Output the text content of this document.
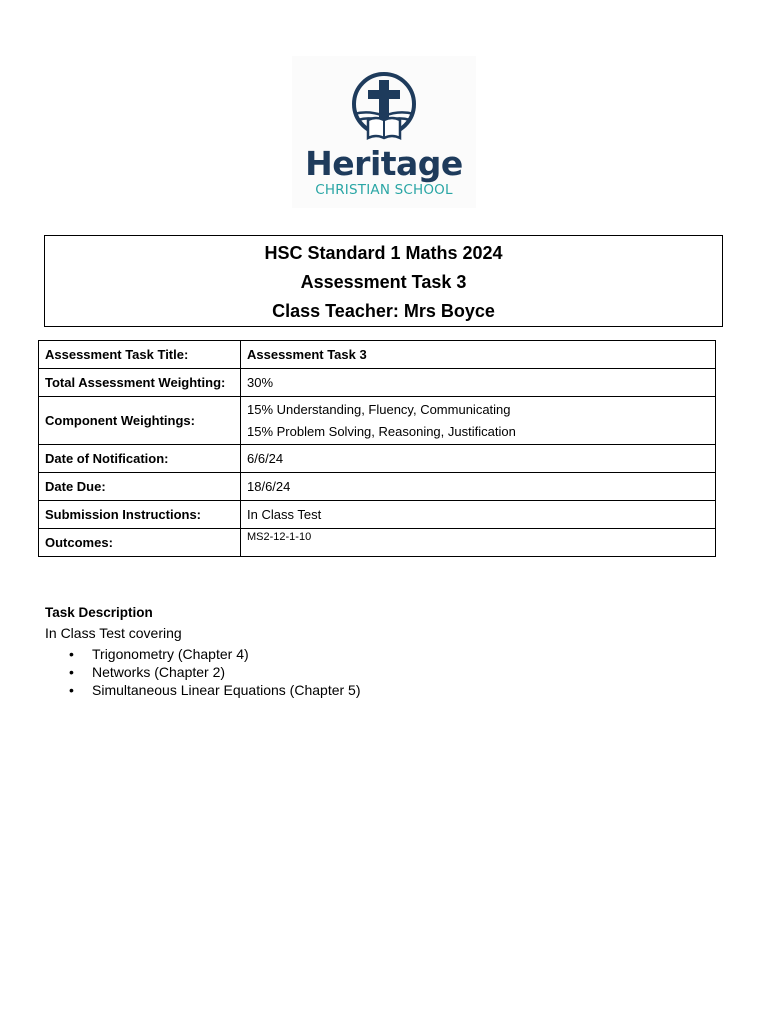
Heritage
CHRISTIAN SCHOOL
HSC Standard 1 Maths 2024
Assessment Task 3
Class Teacher: Mrs Boyce
Assessment Task Title:	Assessment Task 3
Total Assessment Weighting:	30%
Component Weightings:	15% Understanding, Fluency, Communicating
15% Problem Solving, Reasoning, Justification

Date of Notification:	6/6/24
Date Due:	18/6/24
Submission Instructions:	In Class Test
Outcomes:	MS2-12-1-10
Task Description
In Class Test covering
• Trigonometry (Chapter 4)
• Networks (Chapter 2)
• Simultaneous Linear Equations (Chapter 5)
